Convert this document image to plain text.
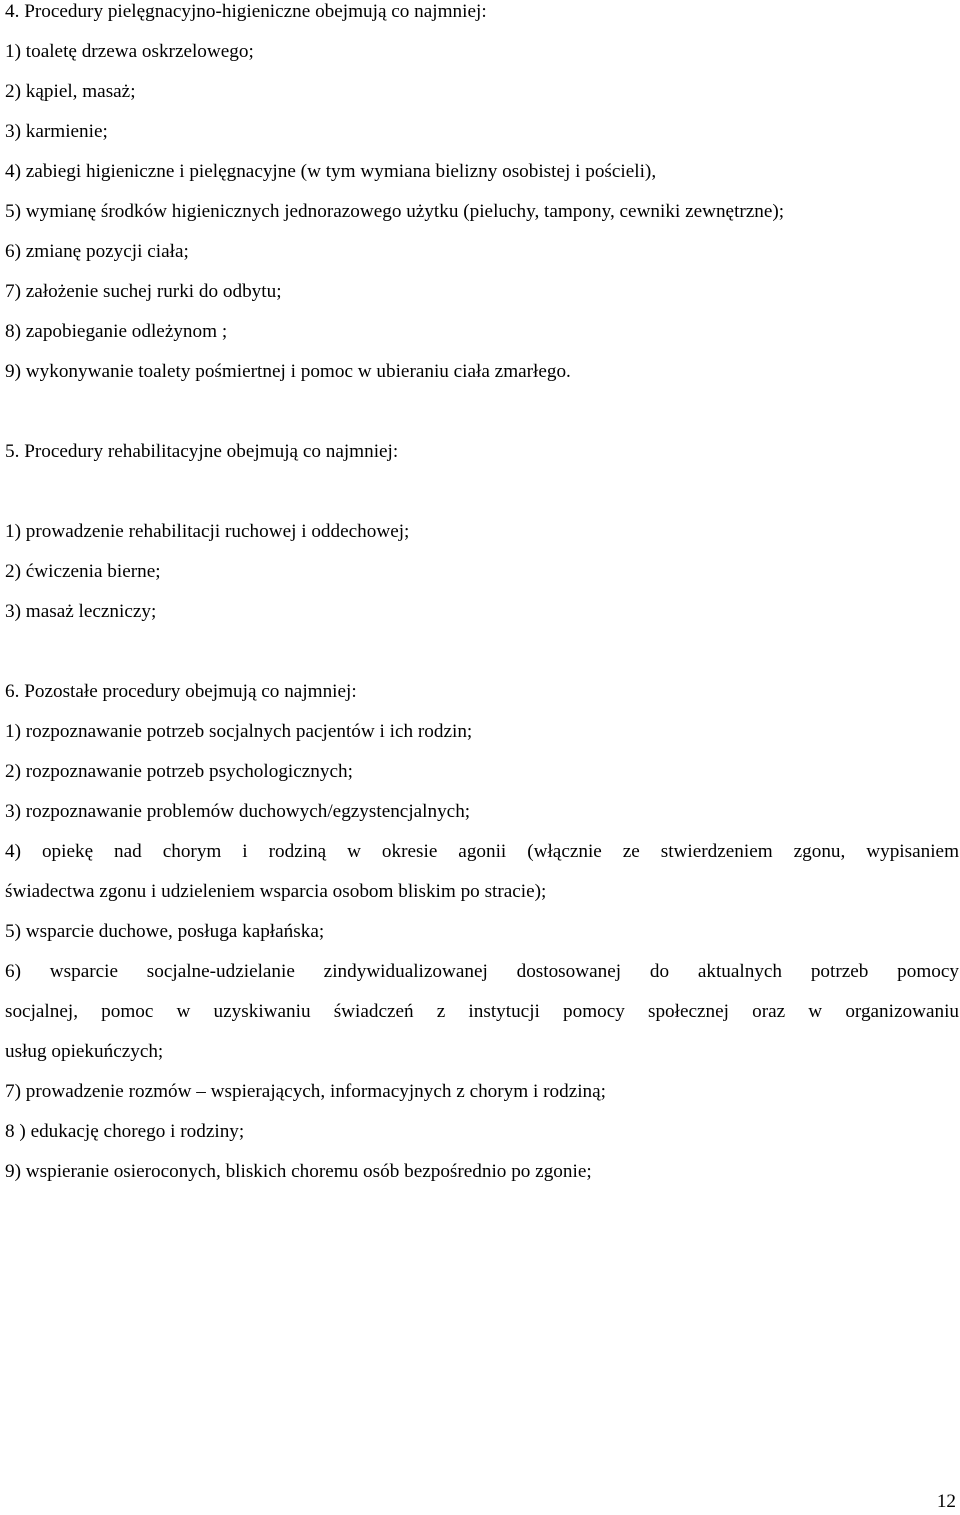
4. Procedury pielęgnacyjno-higieniczne obejmują co najmniej:
1) toaletę drzewa oskrzelowego;
2) kąpiel, masaż;
3) karmienie;
4) zabiegi higieniczne i pielęgnacyjne (w tym wymiana bielizny osobistej i pościeli),
5) wymianę środków higienicznych jednorazowego użytku (pieluchy, tampony, cewniki zewnętrzne);
6) zmianę pozycji ciała;
7) założenie suchej rurki do odbytu;
8) zapobieganie odleżynom ;
9) wykonywanie toalety pośmiertnej i pomoc w ubieraniu ciała zmarłego.
5. Procedury rehabilitacyjne obejmują co najmniej:
1) prowadzenie rehabilitacji ruchowej i oddechowej;
2) ćwiczenia bierne;
3) masaż leczniczy;
6. Pozostałe procedury obejmują co najmniej:
1) rozpoznawanie potrzeb socjalnych pacjentów i ich rodzin;
2) rozpoznawanie potrzeb psychologicznych;
3) rozpoznawanie problemów duchowych/egzystencjalnych;
4) opiekę nad chorym i rodziną w okresie agonii (włącznie ze stwierdzeniem zgonu, wypisaniem
świadectwa zgonu i udzieleniem wsparcia osobom bliskim po stracie);
5) wsparcie duchowe, posługa kapłańska;
6) wsparcie socjalne-udzielanie zindywidualizowanej dostosowanej do aktualnych potrzeb pomocy
socjalnej, pomoc w uzyskiwaniu świadczeń z instytucji pomocy społecznej oraz w organizowaniu
usług opiekuńczych;
7) prowadzenie rozmów – wspierających, informacyjnych z chorym i rodziną;
8 ) edukację chorego i rodziny;
9) wspieranie osieroconych, bliskich choremu osób bezpośrednio po zgonie;
12
